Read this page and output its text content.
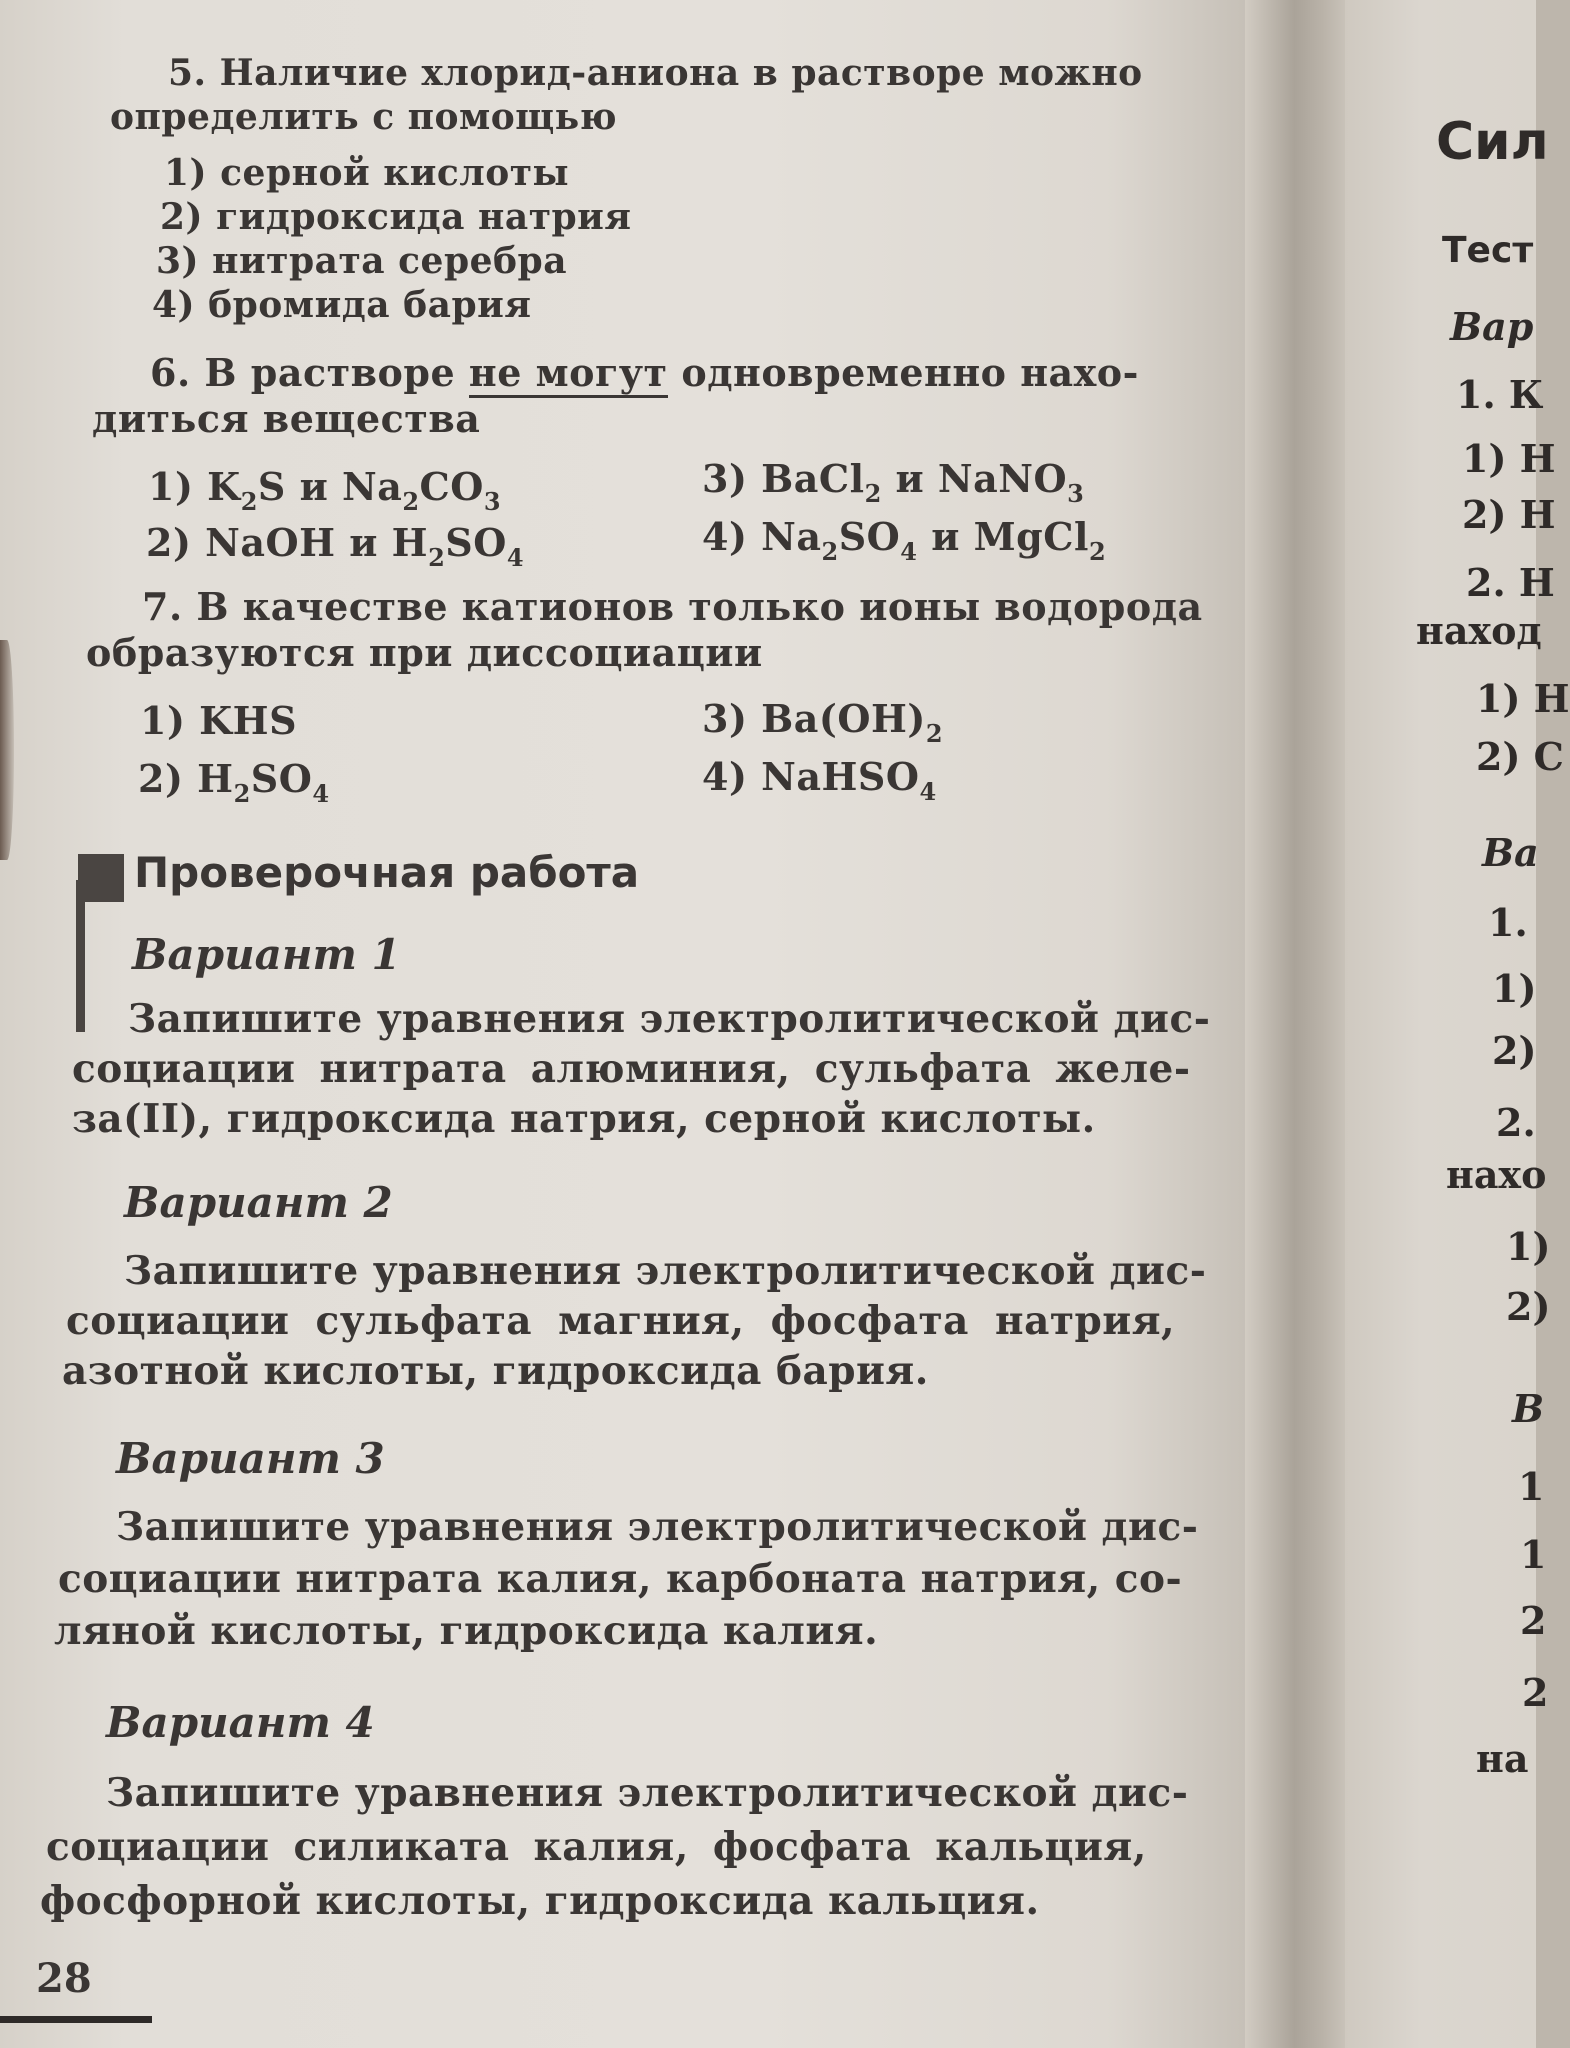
5. Наличие хлорид-аниона в растворе можно
определить с помощью
1) серной кислоты
2) гидроксида натрия
3) нитрата серебра
4) бромида бария
6. В растворе не могут одновременно нахо-
диться вещества
1) $K_2S$ и $Na_2CO_3$
2) NaOH и $H_2SO_4$
3) BaCl$_2$ и NaNO$_3$
4) $Na_2SO_4$ и MgCl$_2$
7. В качестве катионов только ионы водорода
образуются при диссоциации
1) KHS
2) $H_2SO_4$
3) $Ba(OH)_2$
4) NaHSO$_4$
Проверочная работа
Вариант 1
Запишите уравнения электролитической дис-
социации нитрата алюминия, сульфата желе-
за(II), гидроксида натрия, серной кислоты.
Вариант 2
Запишите уравнения электролитической дис-
социации сульфата магния, фосфата натрия,
азотной кислоты, гидроксида бария.
Вариант 3
Запишите уравнения электролитической дис-
социации нитрата калия, карбоната натрия, со-
ляной кислоты, гидроксида калия.
Вариант 4
Запишите уравнения электролитической дис-
социации силиката калия, фосфата кальция,
фосфорной кислоты, гидроксида кальция.
28
Сил
Тест
Вар
1. К
1) Н
2) Н
2. Н
наход
1) Н
2) С
Ва
1.
1)
2)
2.
нахо
1)
2)
В
1
1
2
2
на
